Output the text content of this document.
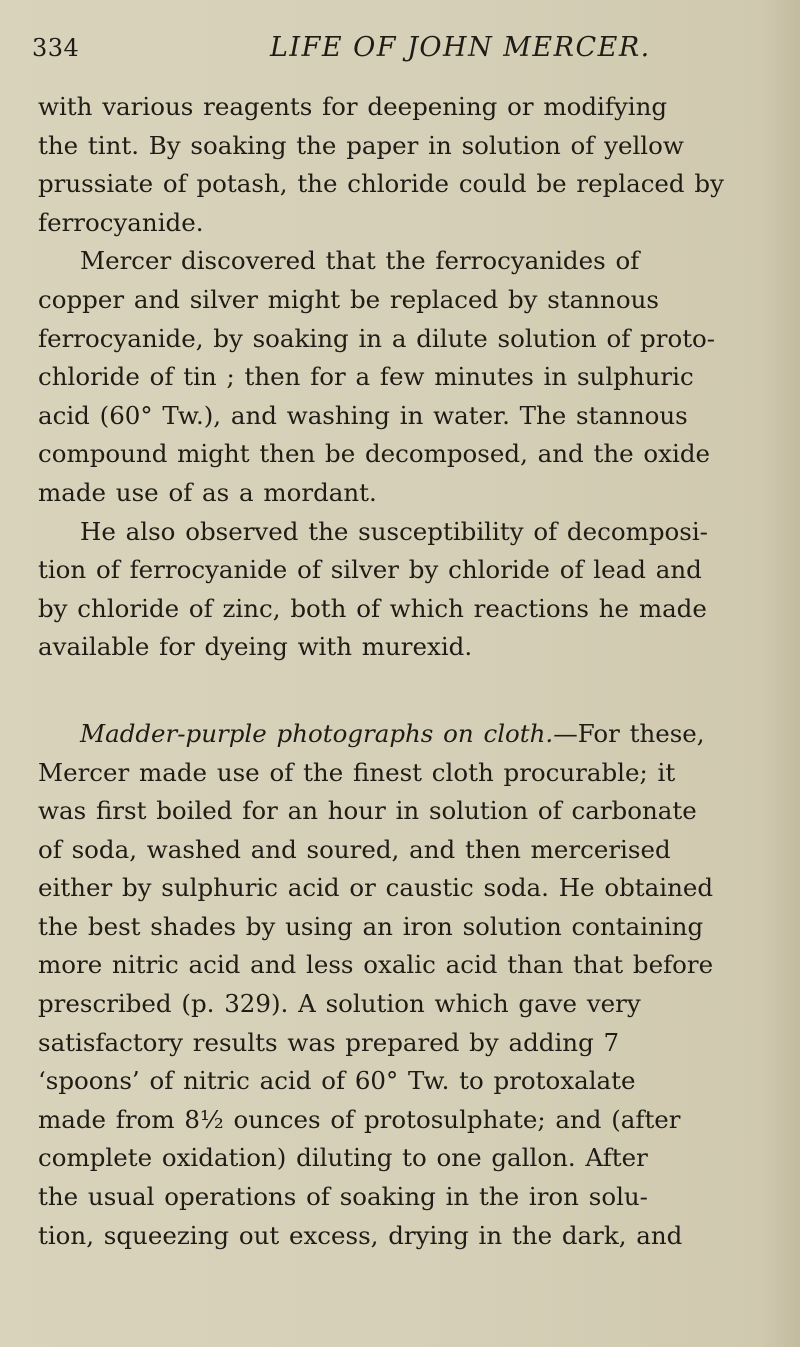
334	LIFE OF JOHN MERCER.
with various reagents for deepening or modifying
the tint. By soaking the paper in solution of yellow
prussiate of potash, the chloride could be replaced by
ferrocyanide.
Mercer discovered that the ferrocyanides of
copper and silver might be replaced by stannous
ferrocyanide, by soaking in a dilute solution of proto-
chloride of tin ; then for a few minutes in sulphuric
acid (60° Tw.), and washing in water. The stannous
compound might then be decomposed, and the oxide
made use of as a mordant.
He also observed the susceptibility of decomposi-
tion of ferrocyanide of silver by chloride of lead and
by chloride of zinc, both of which reactions he made
available for dyeing with murexid.
Madder-purple photographs on cloth.—For these,
Mercer made use of the finest cloth procurable; it
was first boiled for an hour in solution of carbonate
of soda, washed and soured, and then mercerised
either by sulphuric acid or caustic soda. He obtained
the best shades by using an iron solution containing
more nitric acid and less oxalic acid than that before
prescribed (p. 329). A solution which gave very
satisfactory results was prepared by adding 7
‘spoons’ of nitric acid of 60° Tw. to protoxalate
made from 8½ ounces of protosulphate; and (after
complete oxidation) diluting to one gallon. After
the usual operations of soaking in the iron solu-
tion, squeezing out excess, drying in the dark, and
